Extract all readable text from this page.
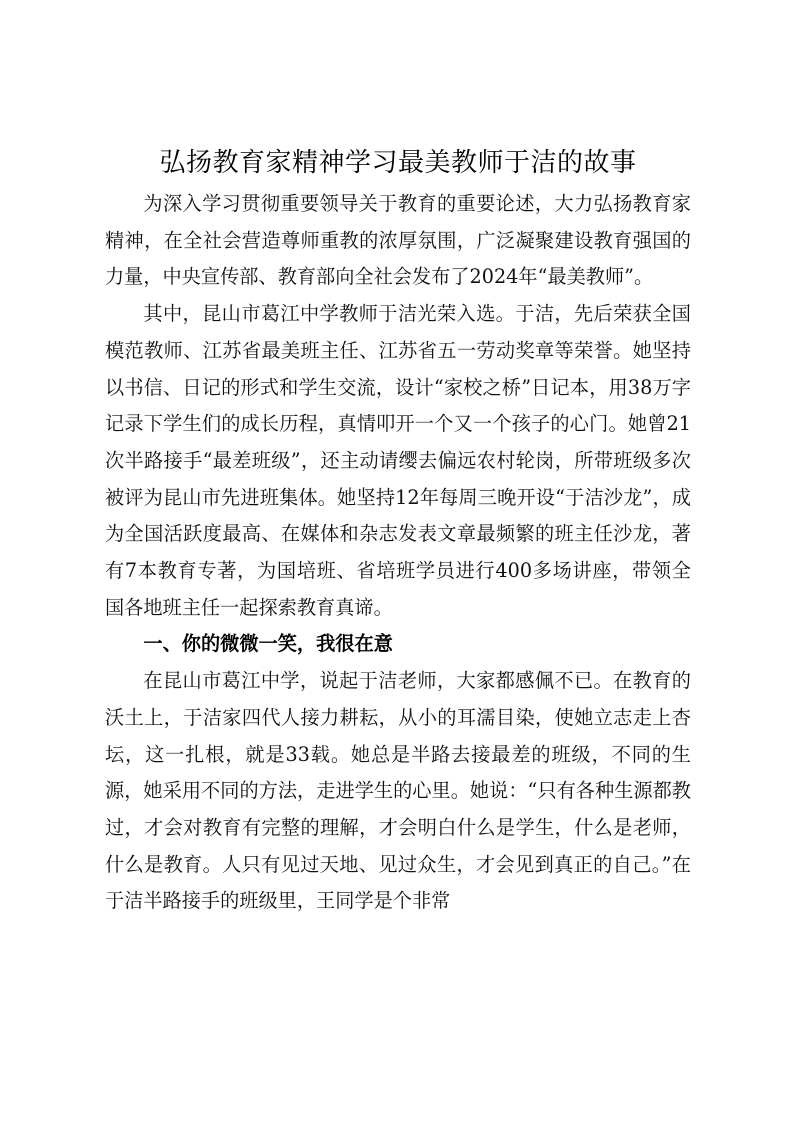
弘扬教育家精神学习最美教师于洁的故事

为深入学习贯彻重要领导关于教育的重要论述，大力弘扬教育家精神，在全社会营造尊师重教的浓厚氛围，广泛凝聚建设教育强国的力量，中央宣传部、教育部向全社会发布了2024年“最美教师”。

其中，昆山市葛江中学教师于洁光荣入选。于洁，先后荣获全国模范教师、江苏省最美班主任、江苏省五一劳动奖章等荣誉。她坚持以书信、日记的形式和学生交流，设计“家校之桥”日记本，用38万字记录下学生们的成长历程，真情叩开一个又一个孩子的心门。她曾21次半路接手“最差班级”，还主动请缨去偏远农村轮岗，所带班级多次被评为昆山市先进班集体。她坚持12年每周三晚开设“于洁沙龙”，成为全国活跃度最高、在媒体和杂志发表文章最频繁的班主任沙龙，著有7本教育专著，为国培班、省培班学员进行400多场讲座，带领全国各地班主任一起探索教育真谛。

一、你的微微一笑，我很在意

在昆山市葛江中学，说起于洁老师，大家都感佩不已。在教育的沃土上，于洁家四代人接力耕耘，从小的耳濡目染，使她立志走上杏坛，这一扎根，就是33载。她总是半路去接最差的班级，不同的生源，她采用不同的方法，走进学生的心里。她说：“只有各种生源都教过，才会对教育有完整的理解，才会明白什么是学生，什么是老师，什么是教育。人只有见过天地、见过众生，才会见到真正的自己。”在于洁半路接手的班级里，王同学是个非常
